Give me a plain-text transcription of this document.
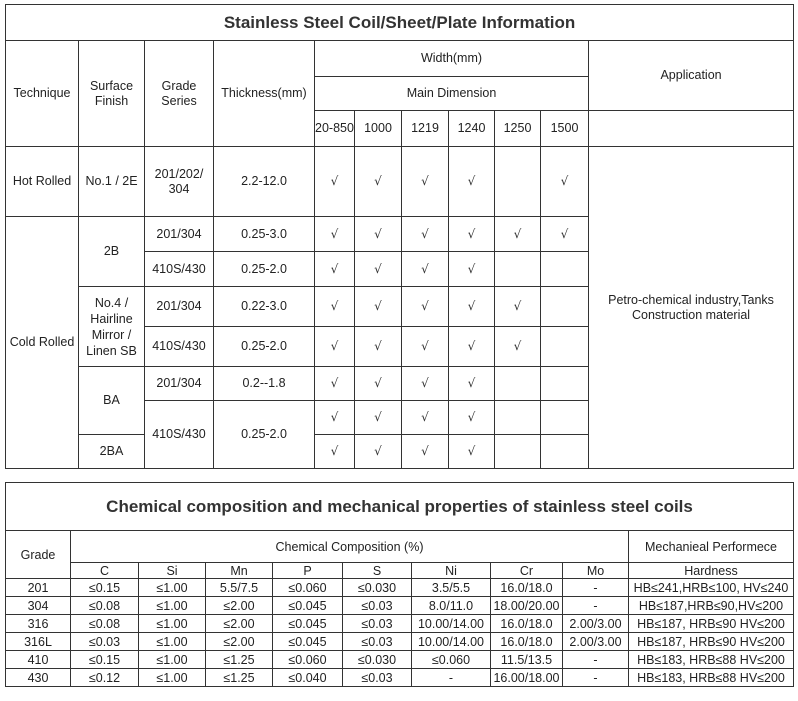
Stainless Steel Coil/Sheet/Plate Information										
Technique	Surface Finish	Grade Series	Thickness(mm)	Width(mm)						Application
				Main Dimension						
				20-850	1000	1219	1240	1250	1500	
Hot Rolled	No.1 / 2E	201/202/ 304	2.2-12.0	√	√	√	√		√	Petro-chemical industry,Tanks Construction material
Cold Rolled	2B	201/304	0.25-3.0	√	√	√	√	√	√	
		410S/430	0.25-2.0	√	√	√	√			
	No.4 / Hairline Mirror / Linen SB	201/304	0.22-3.0	√	√	√	√	√		
		410S/430	0.25-2.0	√	√	√	√	√		
	BA	201/304	0.2--1.8	√	√	√	√			
		410S/430	0.25-2.0	√	√	√	√			
	2BA			√	√	√	√			
Chemical composition and mechanical properties of stainless steel coils									
Grade	Chemical Composition (%)								Mechanieal Performece
	C	Si	Mn	P	S	Ni	Cr	Mo	Hardness
201	≤0.15	≤1.00	5.5/7.5	≤0.060	≤0.030	3.5/5.5	16.0/18.0	-	HB≤241,HRB≤100, HV≤240
304	≤0.08	≤1.00	≤2.00	≤0.045	≤0.03	8.0/11.0	18.00/20.00	-	HB≤187,HRB≤90,HV≤200
316	≤0.08	≤1.00	≤2.00	≤0.045	≤0.03	10.00/14.00	16.0/18.0	2.00/3.00	HB≤187, HRB≤90 HV≤200
316L	≤0.03	≤1.00	≤2.00	≤0.045	≤0.03	10.00/14.00	16.0/18.0	2.00/3.00	HB≤187, HRB≤90 HV≤200
410	≤0.15	≤1.00	≤1.25	≤0.060	≤0.030	≤0.060	11.5/13.5	-	HB≤183, HRB≤88 HV≤200
430	≤0.12	≤1.00	≤1.25	≤0.040	≤0.03	-	16.00/18.00	-	HB≤183, HRB≤88 HV≤200
